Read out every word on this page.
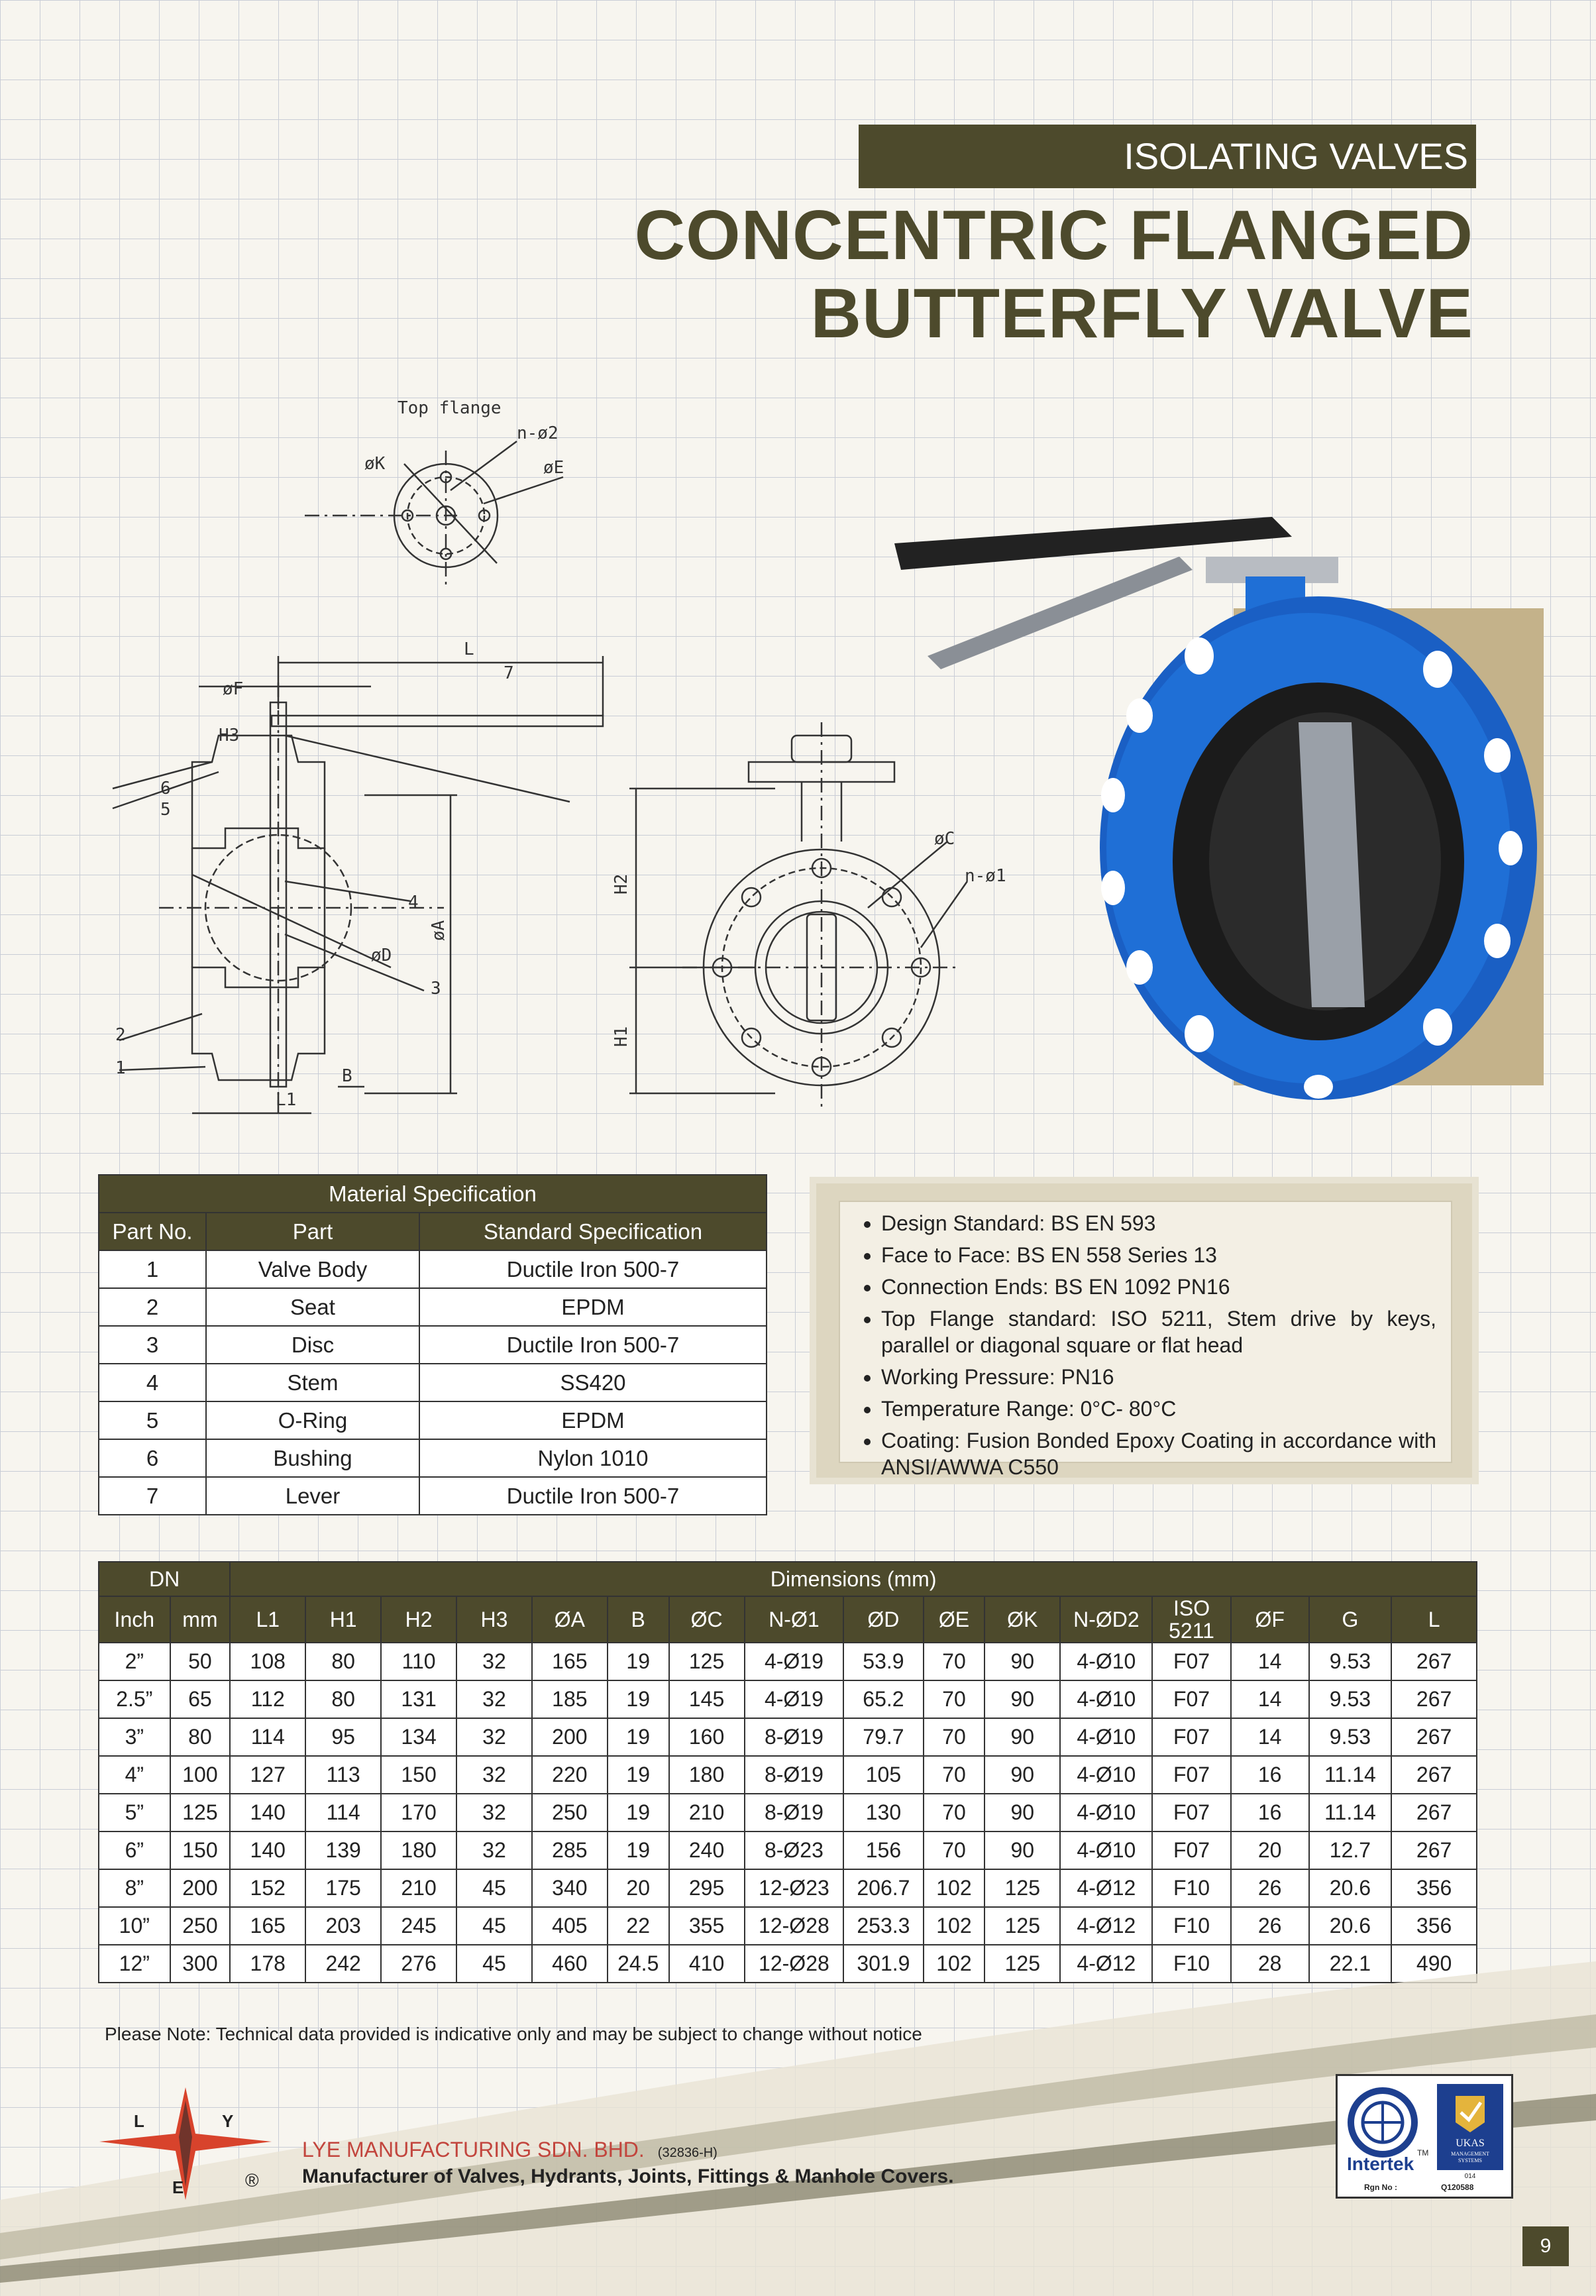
ISOLATING VALVES
CONCENTRIC FLANGED
BUTTERFLY VALVE
Top flange
n-ø2
øK	øE
L
7
øF
H3
6
5
4
øD
3
2
1
L1
B
øA
H2
H1
øC
n-ø1
Material Specification		
Part No.	Part	Standard Specification
1	Valve Body	Ductile Iron 500-7
2	Seat	EPDM
3	Disc	Ductile Iron 500-7
4	Stem	SS420
5	O-Ring	EPDM
6	Bushing	Nylon 1010
7	Lever	Ductile Iron 500-7
• Design Standard: BS EN 593
• Face to Face: BS EN 558 Series 13
• Connection Ends: BS EN 1092 PN16
• Top Flange standard: ISO 5211, Stem drive by keys, parallel or diagonal square or flat head
• Working Pressure: PN16
• Temperature Range: 0°C- 80°C
• Coating: Fusion Bonded Epoxy Coating in accordance with ANSI/AWWA C550
DN		Dimensions (mm)															
Inch	mm	L1	H1	H2	H3	ØA	B	ØC	N-Ø1	ØD	ØE	ØK	N-ØD2	ISO 5211	ØF	G	L
2”	50	108	80	110	32	165	19	125	4-Ø19	53.9	70	90	4-Ø10	F07	14	9.53	267
2.5”	65	112	80	131	32	185	19	145	4-Ø19	65.2	70	90	4-Ø10	F07	14	9.53	267
3”	80	114	95	134	32	200	19	160	8-Ø19	79.7	70	90	4-Ø10	F07	14	9.53	267
4”	100	127	113	150	32	220	19	180	8-Ø19	105	70	90	4-Ø10	F07	16	11.14	267
5”	125	140	114	170	32	250	19	210	8-Ø19	130	70	90	4-Ø10	F07	16	11.14	267
6”	150	140	139	180	32	285	19	240	8-Ø23	156	70	90	4-Ø10	F07	20	12.7	267
8”	200	152	175	210	45	340	20	295	12-Ø23	206.7	102	125	4-Ø12	F10	26	20.6	356
10”	250	165	203	245	45	405	22	355	12-Ø28	253.3	102	125	4-Ø12	F10	26	20.6	356
12”	300	178	242	276	45	460	24.5	410	12-Ø28	301.9	102	125	4-Ø12	F10	28	22.1	490
Please Note: Technical data provided is indicative only and may be subject to change without notice
L	Y
E	®
LYE MANUFACTURING SDN. BHD. (32836-H)
Manufacturer of Valves, Hydrants, Joints, Fittings & Manhole Covers.
TM
Intertek
UKAS
MANAGEMENT
SYSTEMS
014
Rgn No :	Q120588
9
